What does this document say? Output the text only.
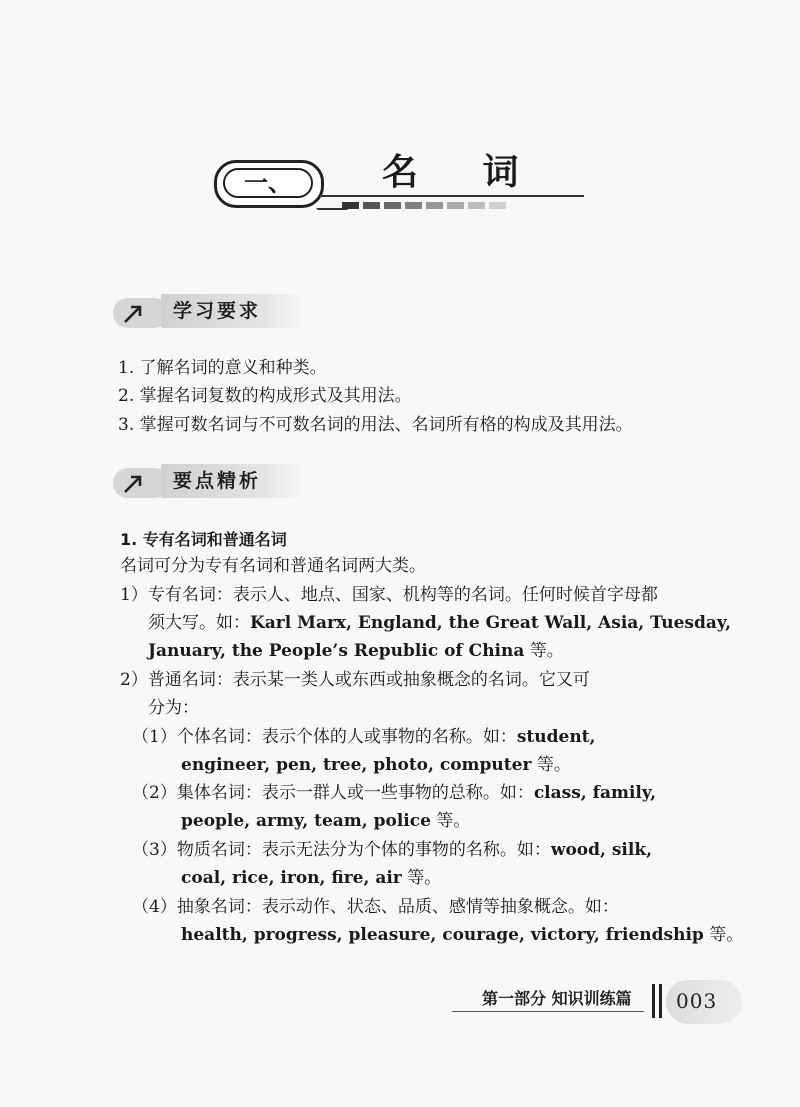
一、	名 词
学习要求
1. 了解名词的意义和种类。
2. 掌握名词复数的构成形式及其用法。
3. 掌握可数名词与不可数名词的用法、名词所有格的构成及其用法。
要点精析
1. 专有名词和普通名词
名词可分为专有名词和普通名词两大类。
1）专有名词：表示人、地点、国家、机构等的名词。任何时候首字母都
须大写。如：Karl Marx, England, the Great Wall, Asia, Tuesday,
January, the People’s Republic of China 等。
2）普通名词：表示某一类人或东西或抽象概念的名词。它又可
分为：
（1）个体名词：表示个体的人或事物的名称。如：student,
engineer, pen, tree, photo, computer 等。
（2）集体名词：表示一群人或一些事物的总称。如：class, family,
people, army, team, police 等。
（3）物质名词：表示无法分为个体的事物的名称。如：wood, silk,
coal, rice, iron, fire, air 等。
（4）抽象名词：表示动作、状态、品质、感情等抽象概念。如：
health, progress, pleasure, courage, victory, friendship 等。
第一部分 知识训练篇 003
